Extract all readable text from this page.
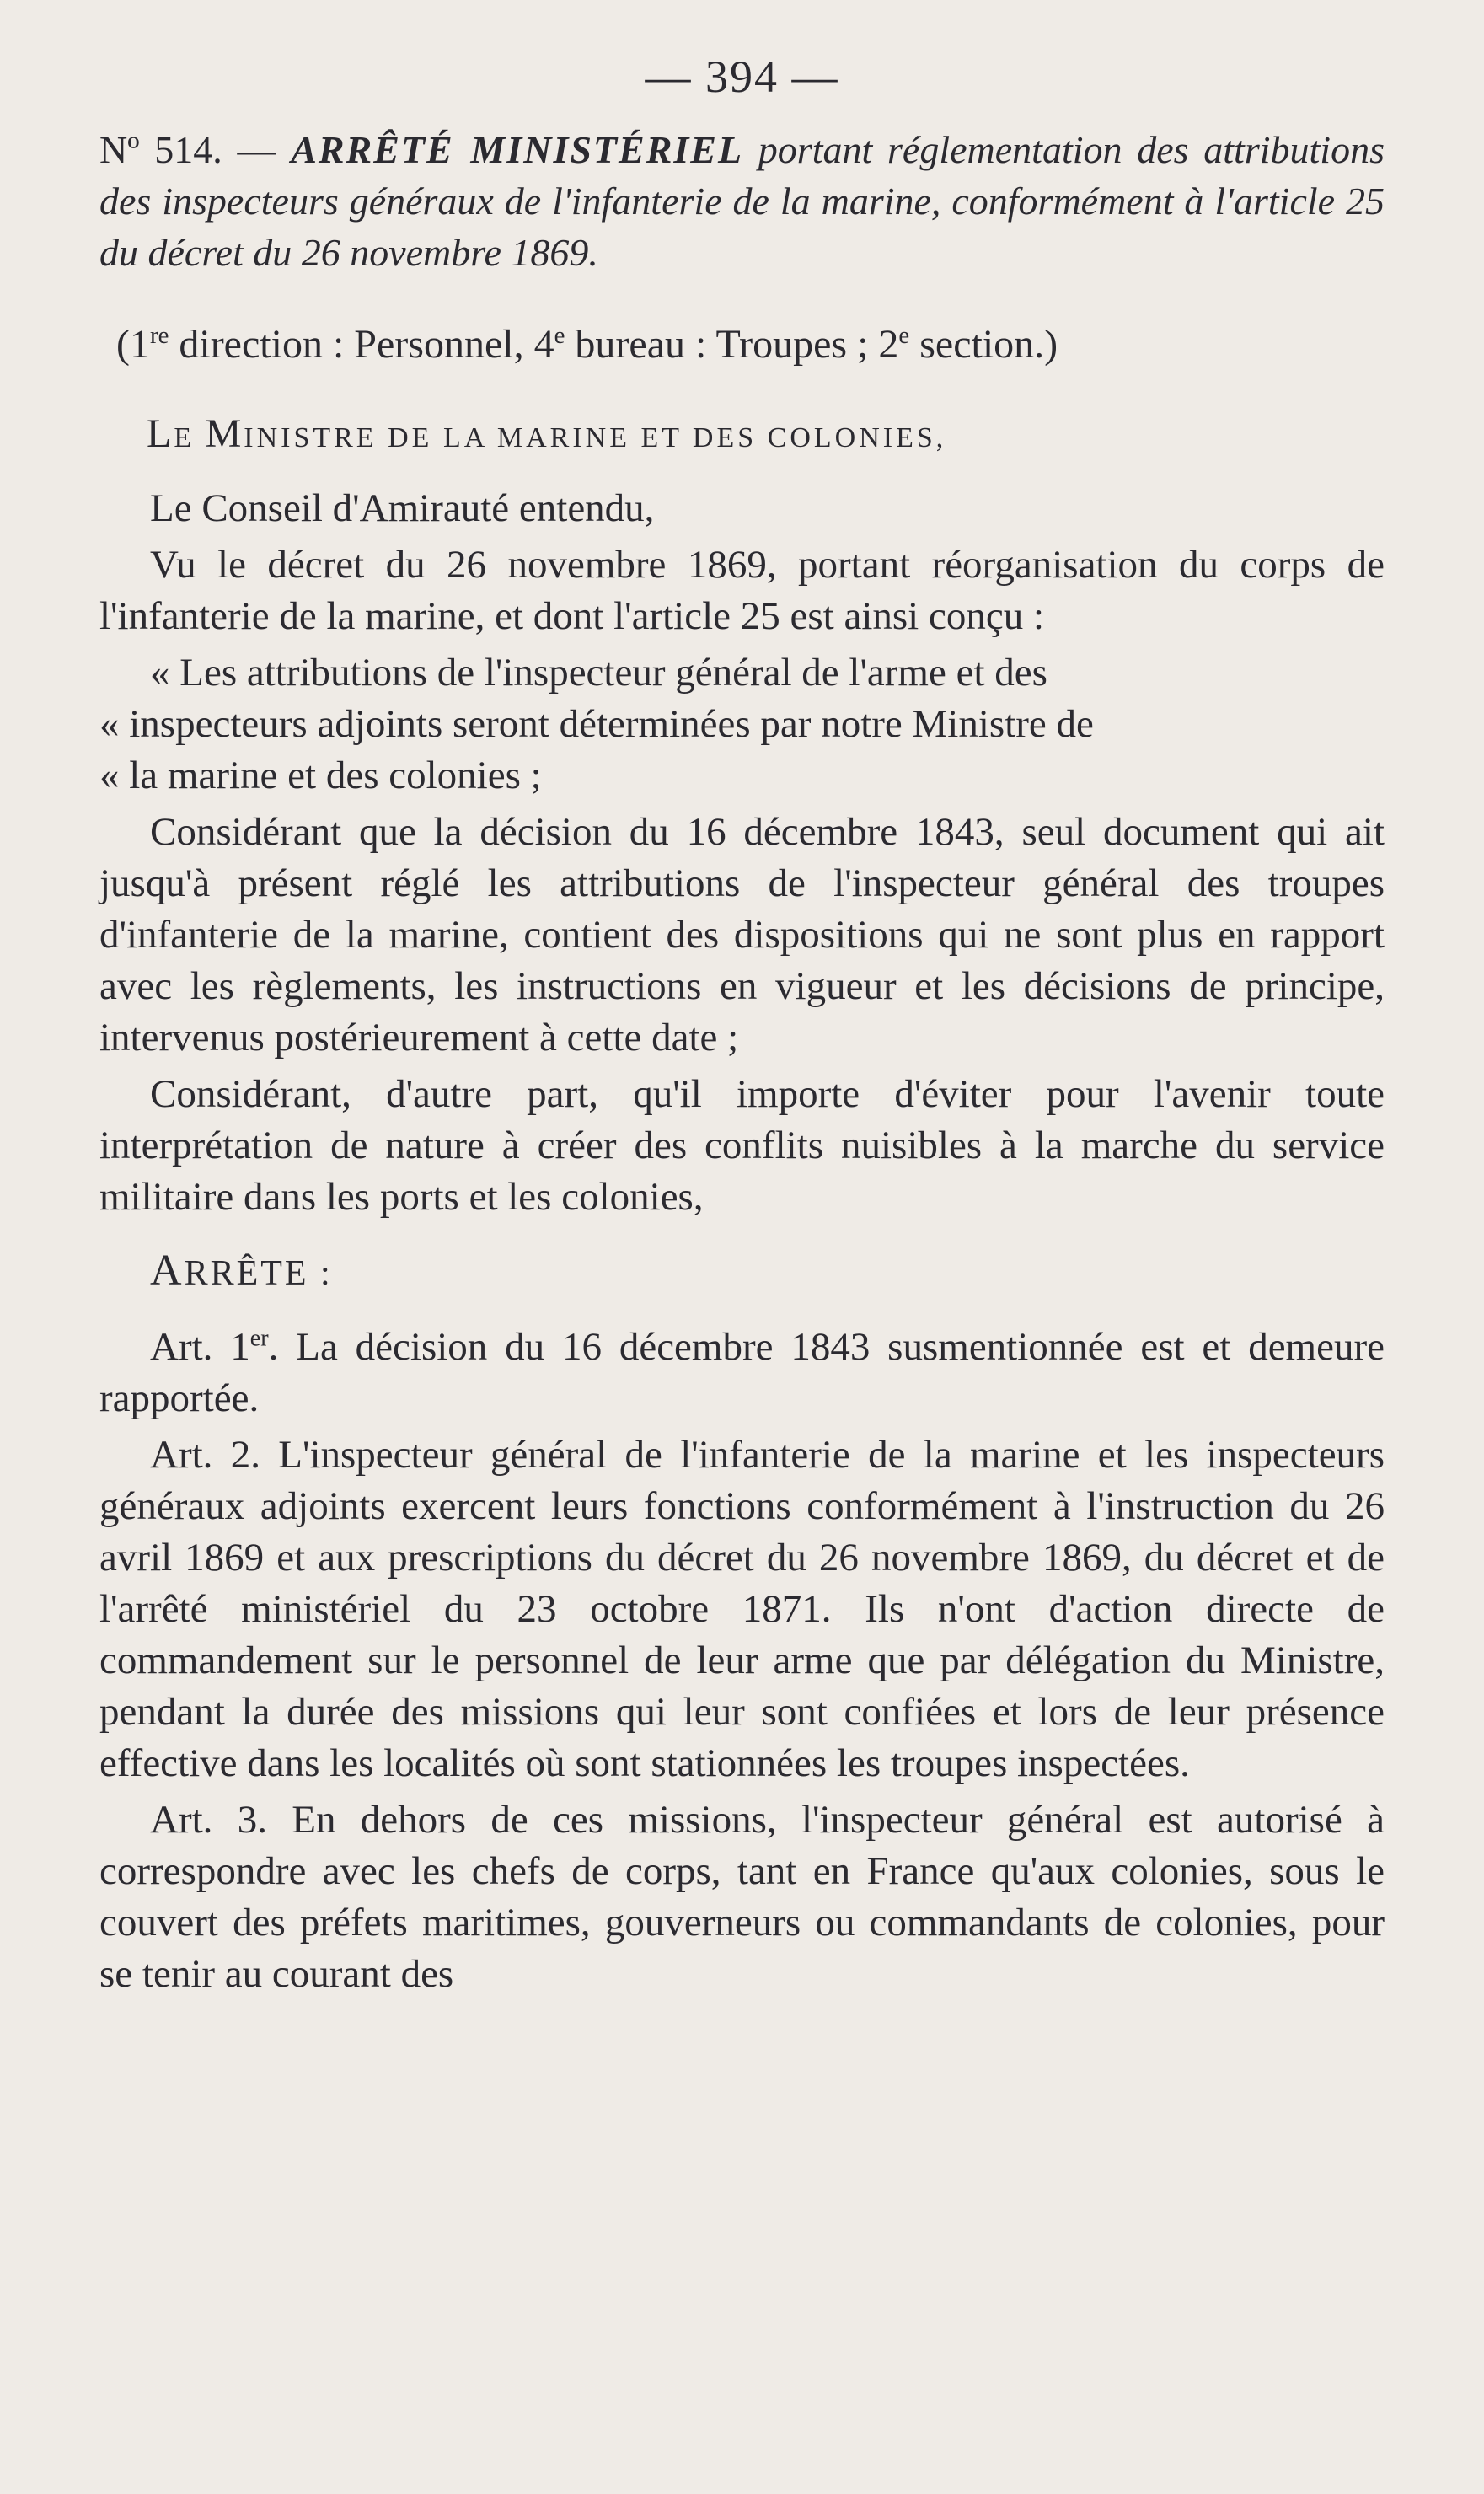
— 394 —
Nº 514. — ARRÊTÉ MINISTÉRIEL portant réglementation des attributions des inspecteurs généraux de l'infanterie de la marine, conformément à l'article 25 du décret du 26 novembre 1869.
(1re direction : Personnel, 4e bureau : Troupes ; 2e section.)
LE MINISTRE DE LA MARINE ET DES COLONIES,

Le Conseil d'Amirauté entendu,

Vu le décret du 26 novembre 1869, portant réorganisation du corps de l'infanterie de la marine, et dont l'article 25 est ainsi conçu :

« Les attributions de l'inspecteur général de l'arme et des
« inspecteurs adjoints seront déterminées par notre Ministre de
« la marine et des colonies ;

Considérant que la décision du 16 décembre 1843, seul document qui ait jusqu'à présent réglé les attributions de l'inspecteur général des troupes d'infanterie de la marine, contient des dispositions qui ne sont plus en rapport avec les règlements, les instructions en vigueur et les décisions de principe, intervenus postérieurement à cette date ;

Considérant, d'autre part, qu'il importe d'éviter pour l'avenir toute interprétation de nature à créer des conflits nuisibles à la marche du service militaire dans les ports et les colonies,

ARRÊTE :

Art. 1er. La décision du 16 décembre 1843 susmentionnée est et demeure rapportée.

Art. 2. L'inspecteur général de l'infanterie de la marine et les inspecteurs généraux adjoints exercent leurs fonctions conformément à l'instruction du 26 avril 1869 et aux prescriptions du décret du 26 novembre 1869, du décret et de l'arrêté ministériel du 23 octobre 1871. Ils n'ont d'action directe de commandement sur le personnel de leur arme que par délégation du Ministre, pendant la durée des missions qui leur sont confiées et lors de leur présence effective dans les localités où sont stationnées les troupes inspectées.

Art. 3. En dehors de ces missions, l'inspecteur général est autorisé à correspondre avec les chefs de corps, tant en France qu'aux colonies, sous le couvert des préfets maritimes, gouverneurs ou commandants de colonies, pour se tenir au courant des
